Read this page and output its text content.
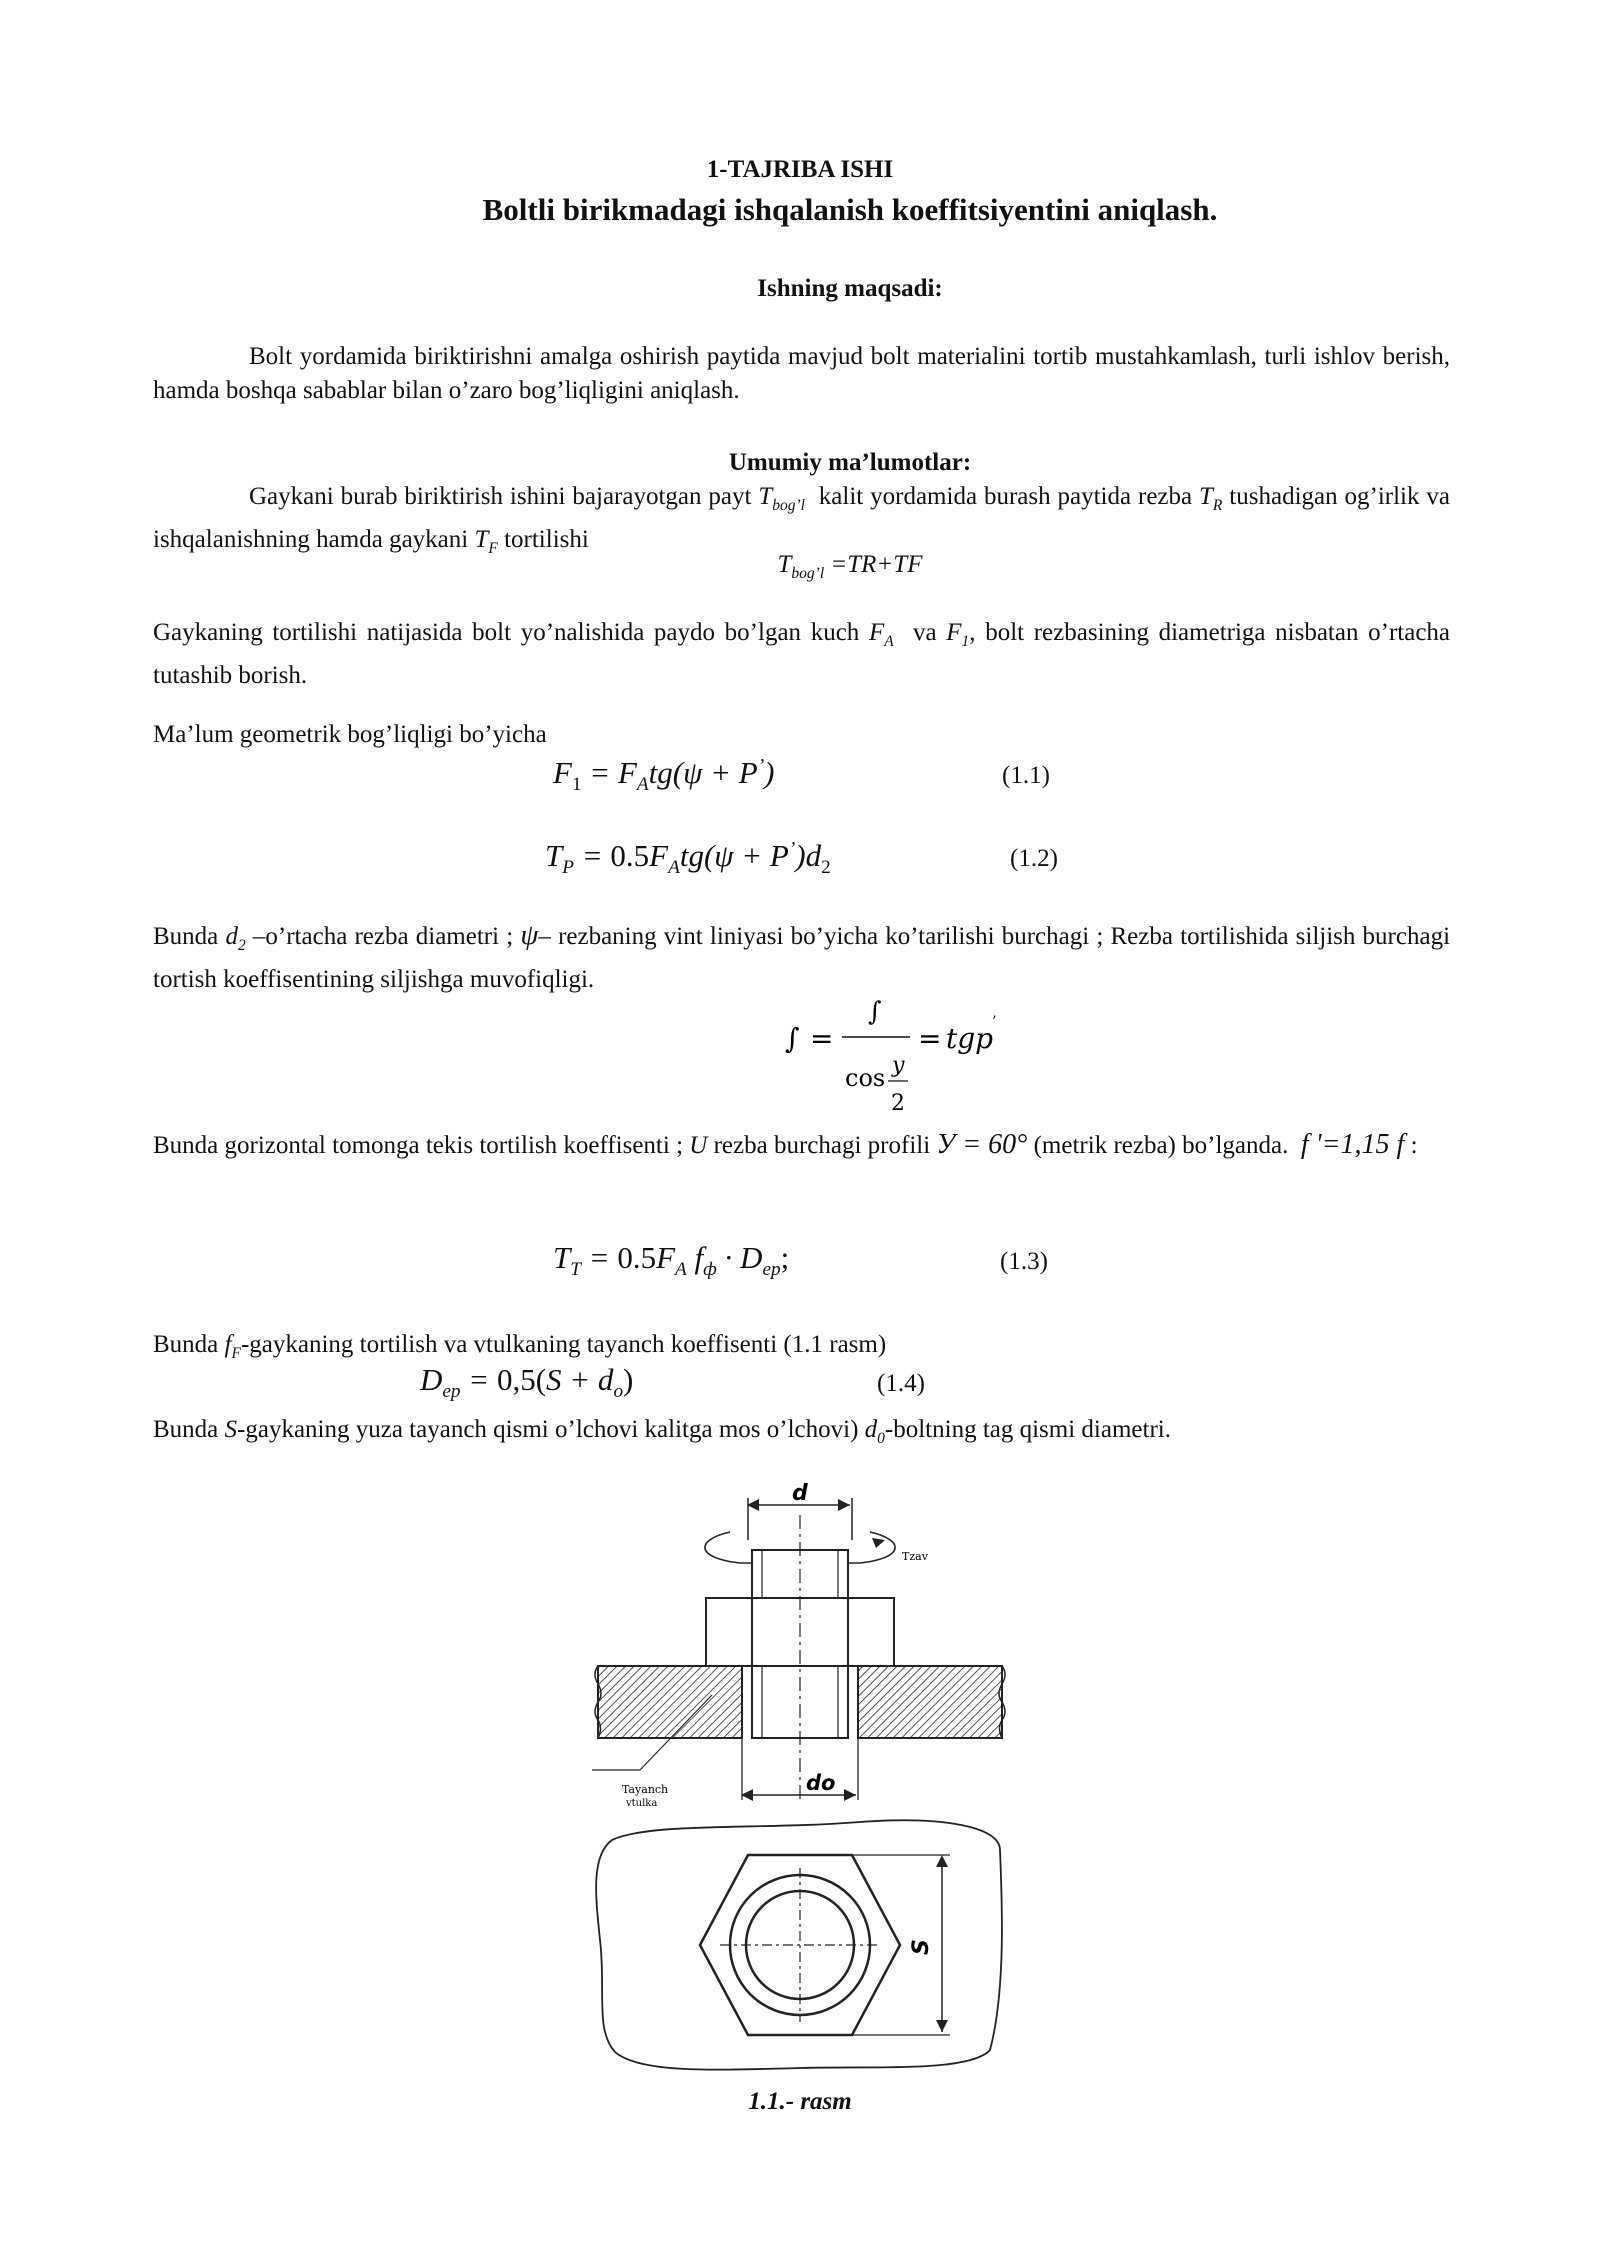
1-TAJRIBA ISHI
Boltli birikmadagi ishqalanish koeffitsiyentini aniqlash.
Ishning maqsadi:
Bolt yordamida biriktirishni amalga oshirish paytida mavjud bolt materialini tortib mustahkamlash, turli ishlov berish, hamda boshqa sabablar bilan o’zaro bog’liqligini aniqlash.
Umumiy ma’lumotlar:
Gaykani burab biriktirish ishini bajarayotgan payt $T_{bog’l}$ kalit yordamida burash paytida rezba $T_R$ tushadigan og’irlik va ishqalanishning hamda gaykani $T_F$ tortilishi
$T_{bog’l} =TR+TF$
Gaykaning tortilishi natijasida bolt yo’nalishida paydo bo’lgan kuch $F_A$ va $F_1$, bolt rezbasining diametriga nisbatan o’rtacha tutashib borish.
Ma’lum geometrik bog’liqligi bo’yicha
$F_1 = F_Atg(\psi + P^’)$	(1.1)
$T_P = 0.5F_Atg(\psi + P^’)d_2$	(1.2)
Bunda $d_2$ –o’rtacha rezba diametri ; ψ– rezbaning vint liniyasi bo’yicha ko’tarilishi burchagi ; Rezba tortilishida siljish burchagi tortish koeffisentining siljishga muvofiqligi.
∫ =
∫
cos y
2
= tgp
’
Bunda gorizontal tomonga tekis tortilish koeffisenti ; U rezba burchagi profili У = 60° (metrik rezba) bo’lganda. f '=1,15 f :
$T_T = 0.5F_A$ $f_ф \cdot D_{ep}$;	(1.3)
Bunda $f_F$-gaykaning tortilish va vtulkaning tayanch koeffisenti (1.1 rasm)
$D_{ep} = 0,5(S + d_o)$	(1.4)
Bunda S-gaykaning yuza tayanch qismi o’lchovi kalitga mos o’lchovi) $d_0$-boltning tag qismi diametri.
d
Tzav
do
Tayanch
vtulka
S
1.1.- rasm
